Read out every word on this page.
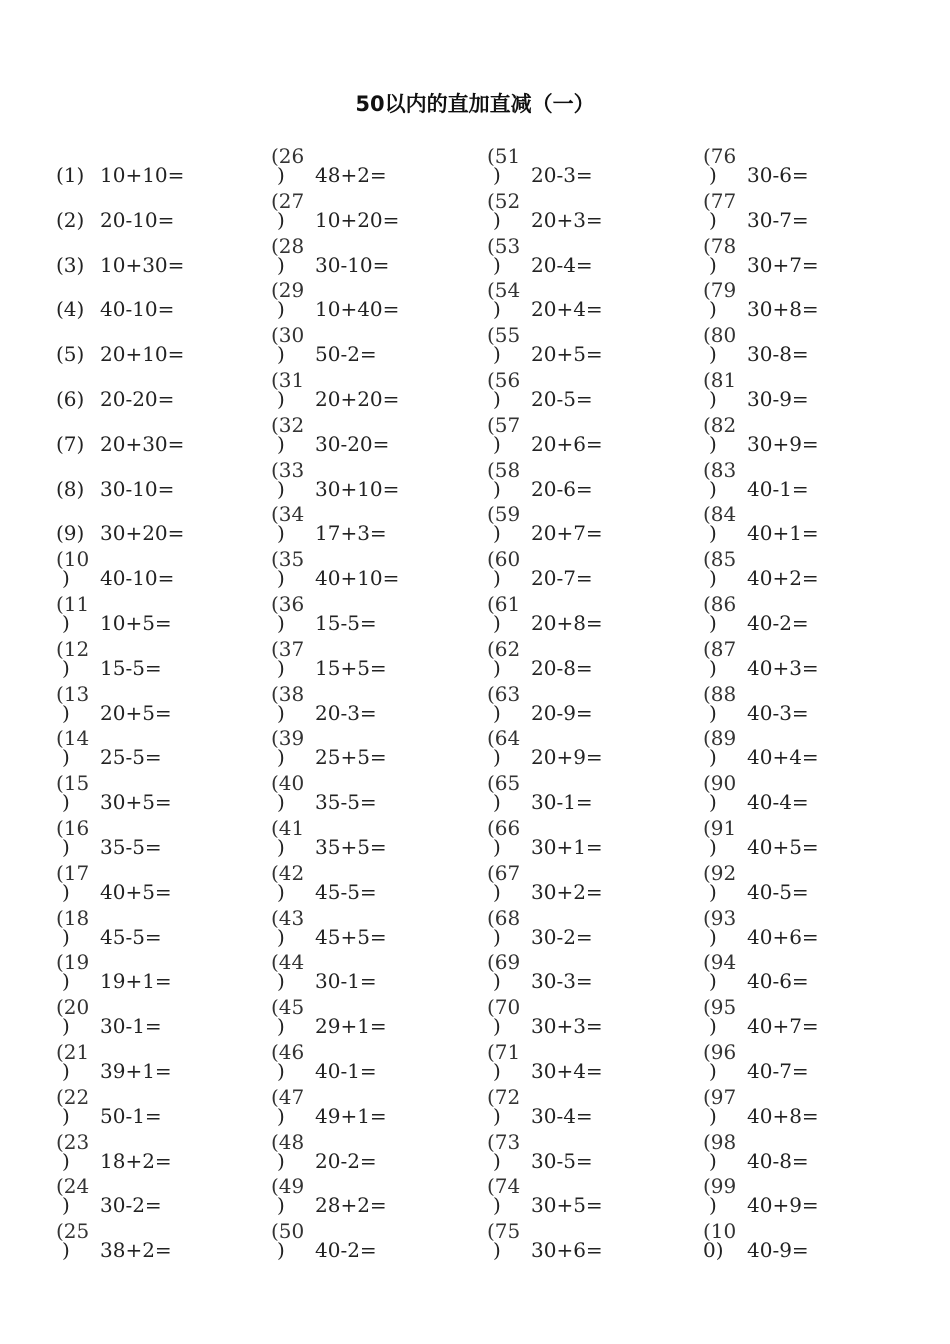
50以内的直加直减（一）
(1) 10+10=
(2) 20-10=
(3) 10+30=
(4) 40-10=
(5) 20+10=
(6) 20-20=
(7) 20+30=
(8) 30-10=
(9) 30+20=
(10
) 40-10=
(11
) 10+5=
(12
) 15-5=
(13
) 20+5=
(14
) 25-5=
(15
) 30+5=
(16
) 35-5=
(17
) 40+5=
(18
) 45-5=
(19
) 19+1=
(20
) 30-1=
(21
) 39+1=
(22
) 50-1=
(23
) 18+2=
(24
) 30-2=
(25
) 38+2=
(26
) 48+2=
(27
) 10+20=
(28
) 30-10=
(29
) 10+40=
(30
) 50-2=
(31
) 20+20=
(32
) 30-20=
(33
) 30+10=
(34
) 17+3=
(35
) 40+10=
(36
) 15-5=
(37
) 15+5=
(38
) 20-3=
(39
) 25+5=
(40
) 35-5=
(41
) 35+5=
(42
) 45-5=
(43
) 45+5=
(44
) 30-1=
(45
) 29+1=
(46
) 40-1=
(47
) 49+1=
(48
) 20-2=
(49
) 28+2=
(50
) 40-2=
(51
) 20-3=
(52
) 20+3=
(53
) 20-4=
(54
) 20+4=
(55
) 20+5=
(56
) 20-5=
(57
) 20+6=
(58
) 20-6=
(59
) 20+7=
(60
) 20-7=
(61
) 20+8=
(62
) 20-8=
(63
) 20-9=
(64
) 20+9=
(65
) 30-1=
(66
) 30+1=
(67
) 30+2=
(68
) 30-2=
(69
) 30-3=
(70
) 30+3=
(71
) 30+4=
(72
) 30-4=
(73
) 30-5=
(74
) 30+5=
(75
) 30+6=
(76
) 30-6=
(77
) 30-7=
(78
) 30+7=
(79
) 30+8=
(80
) 30-8=
(81
) 30-9=
(82
) 30+9=
(83
) 40-1=
(84
) 40+1=
(85
) 40+2=
(86
) 40-2=
(87
) 40+3=
(88
) 40-3=
(89
) 40+4=
(90
) 40-4=
(91
) 40+5=
(92
) 40-5=
(93
) 40+6=
(94
) 40-6=
(95
) 40+7=
(96
) 40-7=
(97
) 40+8=
(98
) 40-8=
(99
) 40+9=
(10
0) 40-9=
